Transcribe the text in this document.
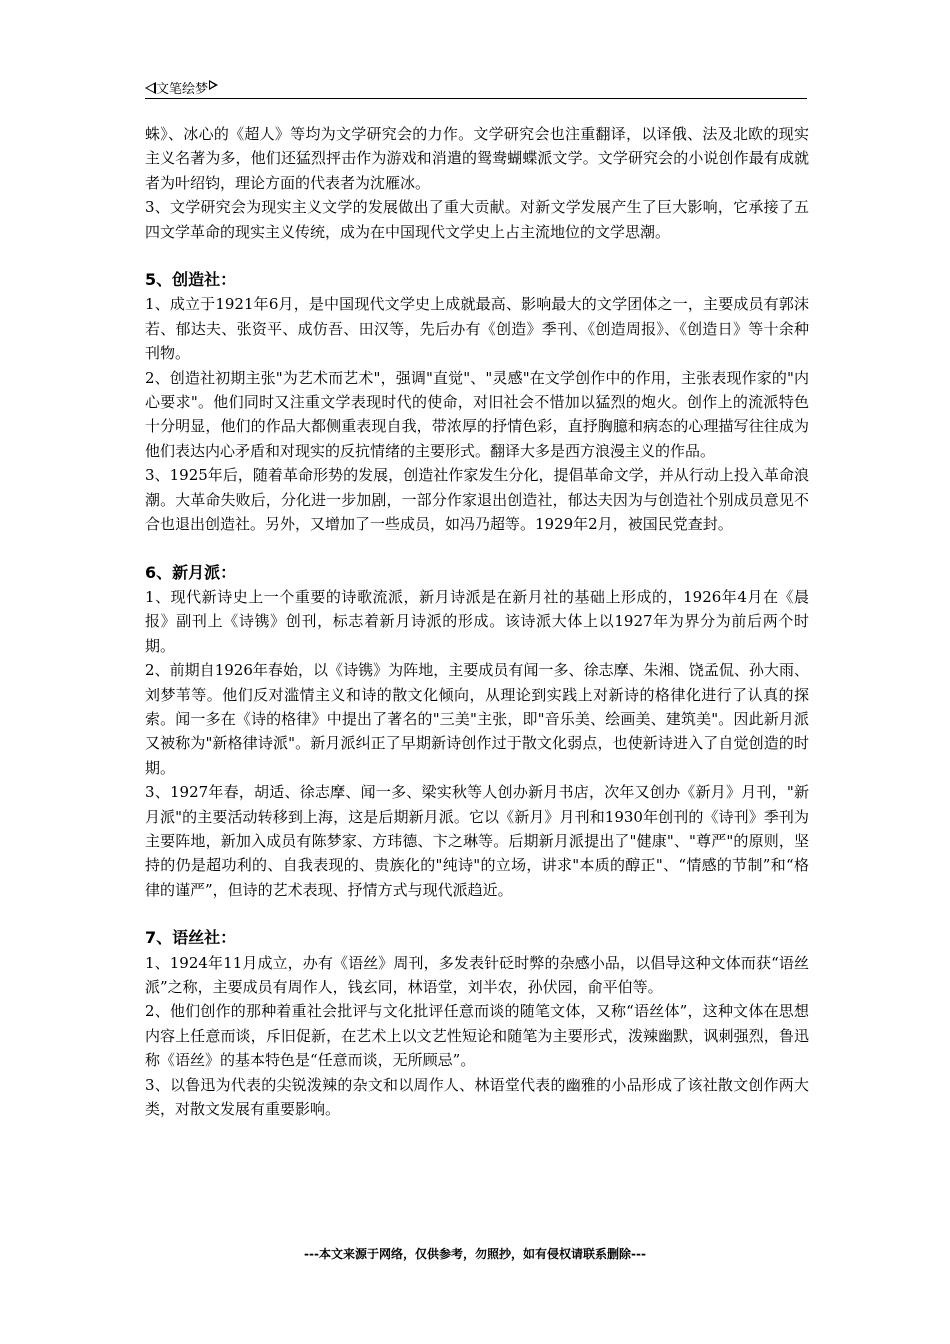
文笔绘梦

蛛》、冰心的《超人》等均为文学研究会的力作。文学研究会也注重翻译，以译俄、法及北欧的现实主义名著为多，他们还猛烈抨击作为游戏和消遣的鸳鸯蝴蝶派文学。文学研究会的小说创作最有成就者为叶绍钧，理论方面的代表者为沈雁冰。

3、文学研究会为现实主义文学的发展做出了重大贡献。对新文学发展产生了巨大影响，它承接了五四文学革命的现实主义传统，成为在中国现代文学史上占主流地位的文学思潮。

5、创造社：

1、成立于1921年6月，是中国现代文学史上成就最高、影响最大的文学团体之一，主要成员有郭沫若、郁达夫、张资平、成仿吾、田汉等，先后办有《创造》季刊、《创造周报》、《创造日》等十余种刊物。

2、创造社初期主张"为艺术而艺术"，强调"直觉"、"灵感"在文学创作中的作用，主张表现作家的"内心要求"。他们同时又注重文学表现时代的使命，对旧社会不惜加以猛烈的炮火。创作上的流派特色十分明显，他们的作品大都侧重表现自我，带浓厚的抒情色彩，直抒胸臆和病态的心理描写往往成为他们表达内心矛盾和对现实的反抗情绪的主要形式。翻译大多是西方浪漫主义的作品。

3、1925年后，随着革命形势的发展，创造社作家发生分化，提倡革命文学，并从行动上投入革命浪潮。大革命失败后，分化进一步加剧，一部分作家退出创造社，郁达夫因为与创造社个别成员意见不合也退出创造社。另外，又增加了一些成员，如冯乃超等。1929年2月，被国民党查封。

6、新月派：

1、现代新诗史上一个重要的诗歌流派，新月诗派是在新月社的基础上形成的，1926年4月在《晨报》副刊上《诗镌》创刊，标志着新月诗派的形成。该诗派大体上以1927年为界分为前后两个时期。

2、前期自1926年春始，以《诗镌》为阵地，主要成员有闻一多、徐志摩、朱湘、饶孟侃、孙大雨、刘梦苇等。他们反对滥情主义和诗的散文化倾向，从理论到实践上对新诗的格律化进行了认真的探索。闻一多在《诗的格律》中提出了著名的"三美"主张，即"音乐美、绘画美、建筑美"。因此新月派又被称为"新格律诗派"。新月派纠正了早期新诗创作过于散文化弱点，也使新诗进入了自觉创造的时期。

3、1927年春，胡适、徐志摩、闻一多、梁实秋等人创办新月书店，次年又创办《新月》月刊，"新月派"的主要活动转移到上海，这是后期新月派。它以《新月》月刊和1930年创刊的《诗刊》季刊为主要阵地，新加入成员有陈梦家、方玮德、卞之琳等。后期新月派提出了"健康"、"尊严"的原则，坚持的仍是超功利的、自我表现的、贵族化的"纯诗"的立场，讲求"本质的醇正"、“情感的节制”和“格律的谨严”，但诗的艺术表现、抒情方式与现代派趋近。

7、语丝社：

1、1924年11月成立，办有《语丝》周刊，多发表针砭时弊的杂感小品，以倡导这种文体而获“语丝派”之称，主要成员有周作人，钱玄同，林语堂，刘半农，孙伏园，俞平伯等。

2、他们创作的那种着重社会批评与文化批评任意而谈的随笔文体，又称“语丝体”，这种文体在思想内容上任意而谈，斥旧促新，在艺术上以文艺性短论和随笔为主要形式，泼辣幽默，讽刺强烈，鲁迅称《语丝》的基本特色是“任意而谈，无所顾忌”。

3、以鲁迅为代表的尖锐泼辣的杂文和以周作人、林语堂代表的幽雅的小品形成了该社散文创作两大类，对散文发展有重要影响。

---本文来源于网络，仅供参考，勿照抄，如有侵权请联系删除---
